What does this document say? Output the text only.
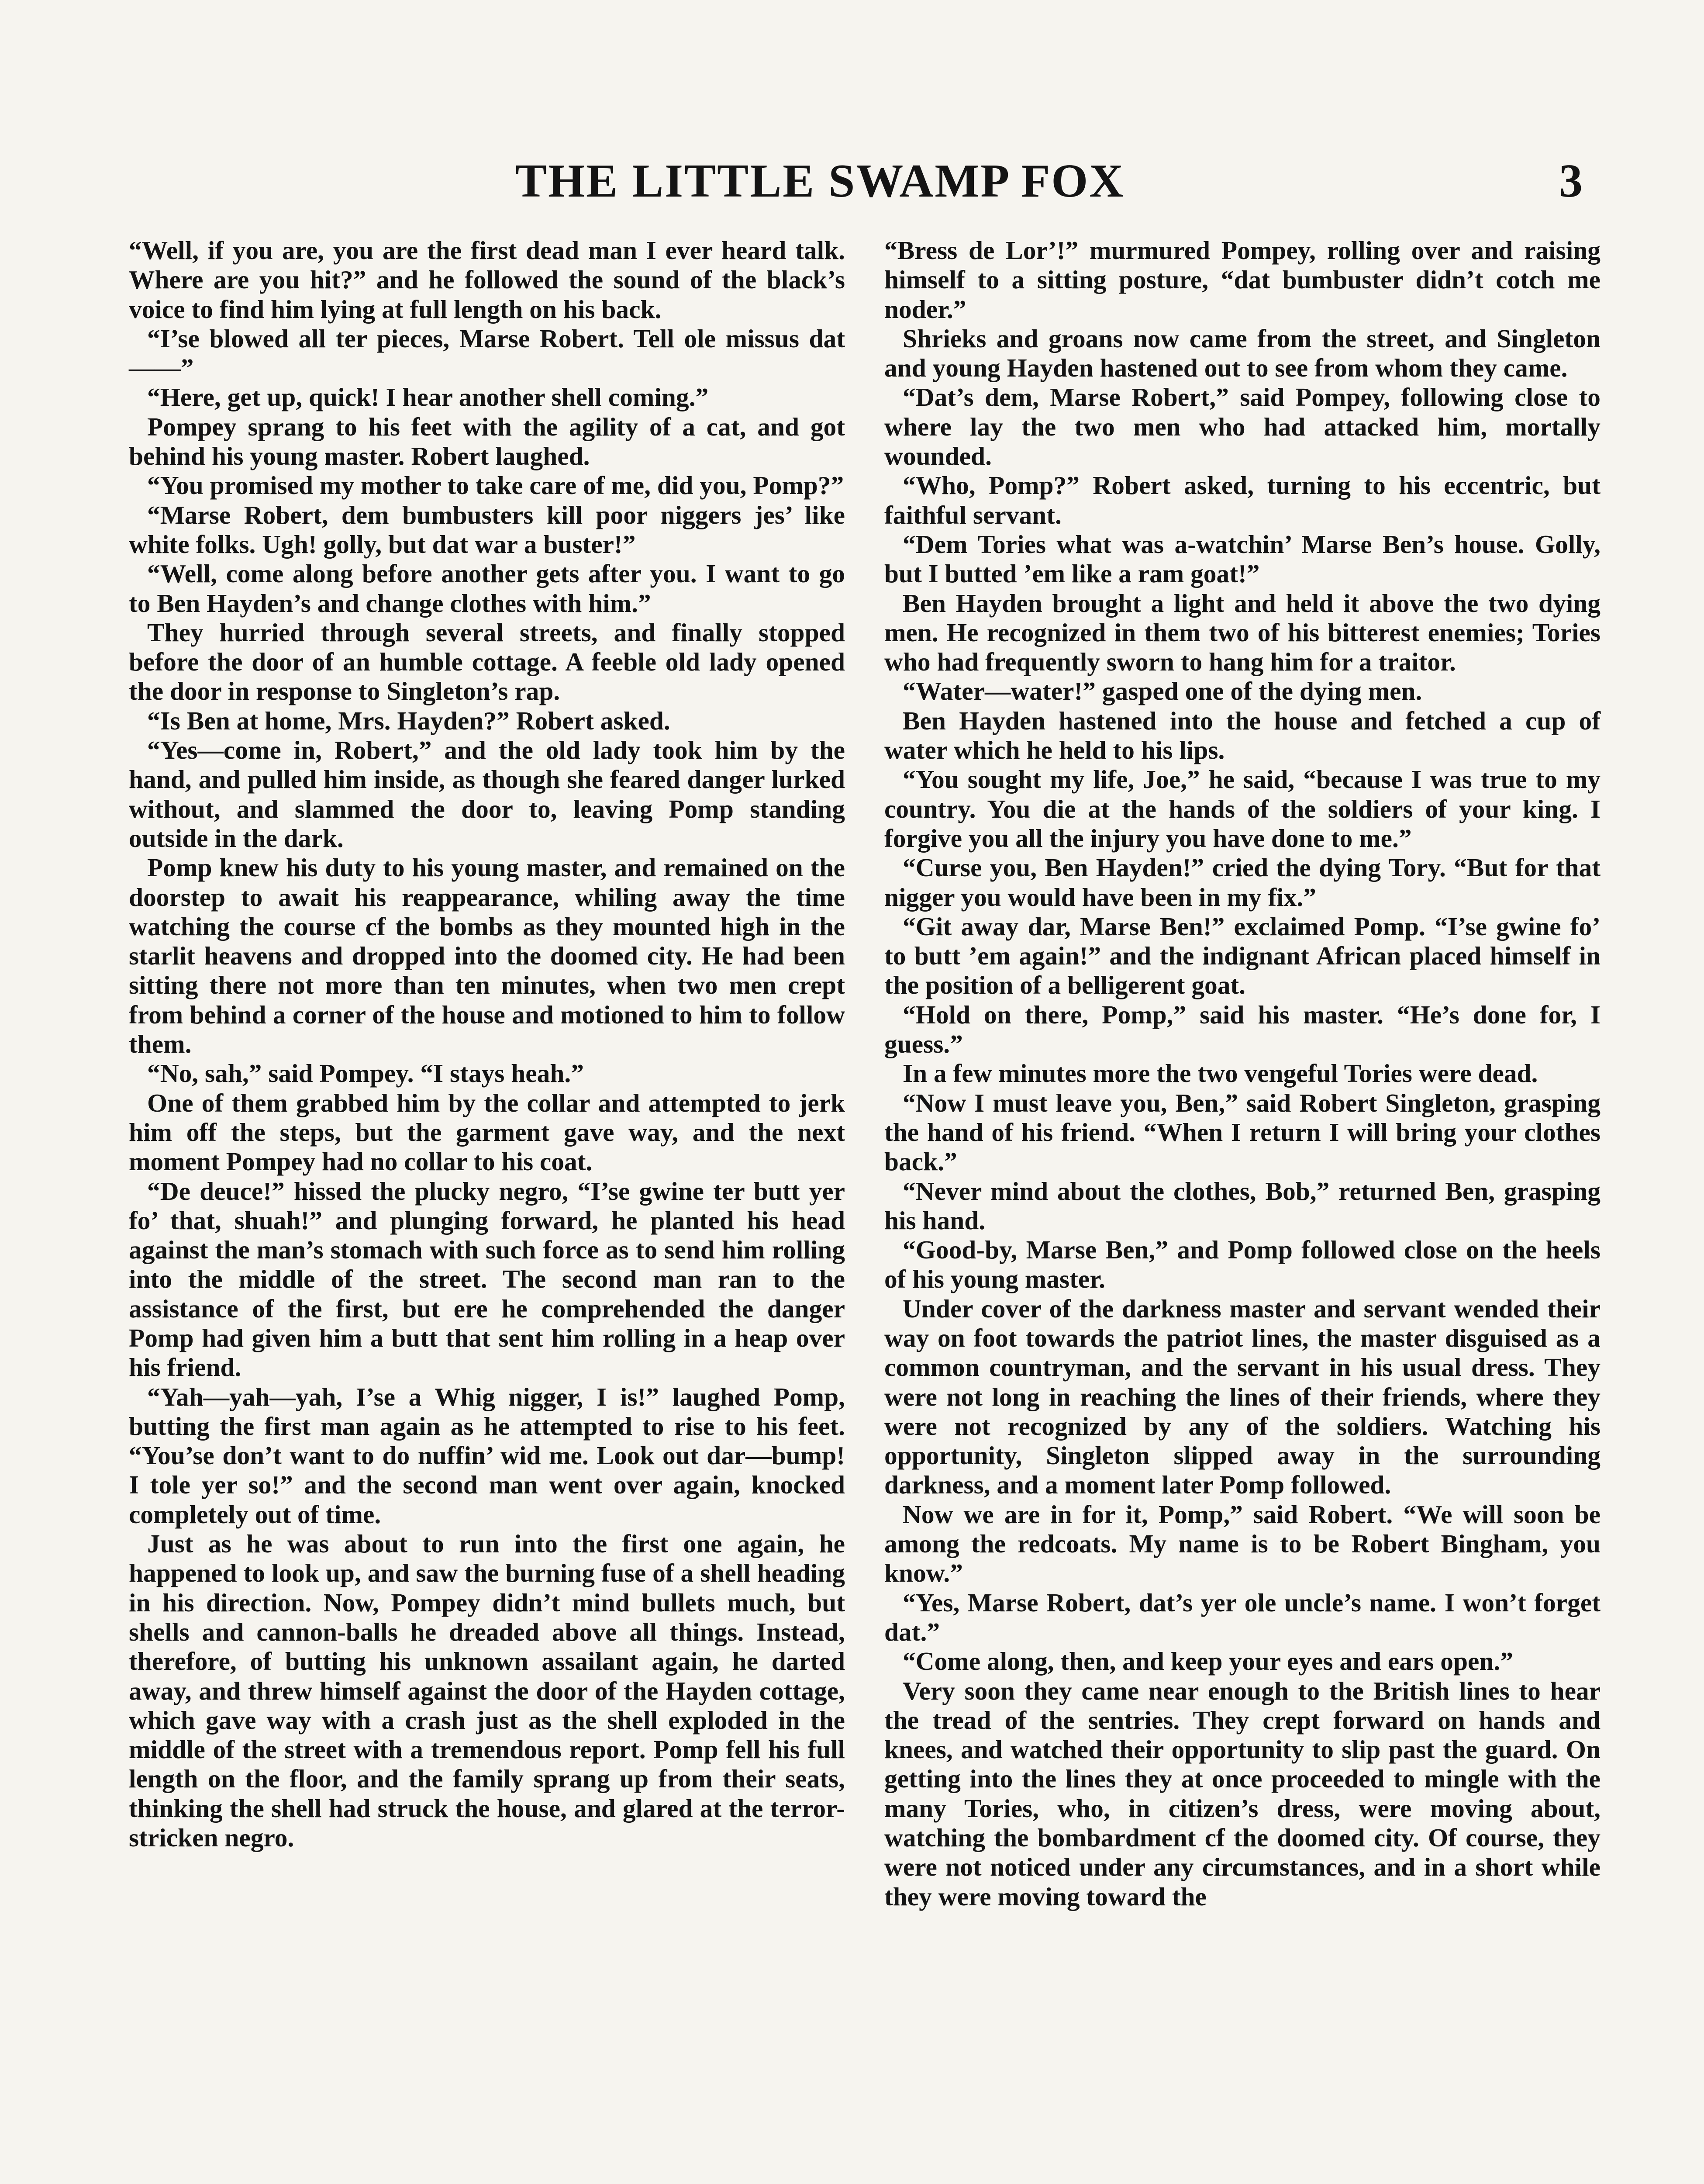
THE LITTLE SWAMP FOX	3

“Well, if you are, you are the first dead man I ever heard talk. Where are you hit?” and he followed the sound of the black’s voice to find him lying at full length on his back.

“I’se blowed all ter pieces, Marse Robert. Tell ole missus dat——”

“Here, get up, quick! I hear another shell coming.”

Pompey sprang to his feet with the agility of a cat, and got behind his young master. Robert laughed.

“You promised my mother to take care of me, did you, Pomp?”

“Marse Robert, dem bumbusters kill poor niggers jes’ like white folks. Ugh! golly, but dat war a buster!”

“Well, come along before another gets after you. I want to go to Ben Hayden’s and change clothes with him.”

They hurried through several streets, and finally stopped before the door of an humble cottage. A feeble old lady opened the door in response to Singleton’s rap.

“Is Ben at home, Mrs. Hayden?” Robert asked.

“Yes—come in, Robert,” and the old lady took him by the hand, and pulled him inside, as though she feared danger lurked without, and slammed the door to, leaving Pomp standing outside in the dark.

Pomp knew his duty to his young master, and remained on the doorstep to await his reappearance, whiling away the time watching the course cf the bombs as they mounted high in the starlit heavens and dropped into the doomed city. He had been sitting there not more than ten minutes, when two men crept from behind a corner of the house and motioned to him to follow them.

“No, sah,” said Pompey. “I stays heah.”

One of them grabbed him by the collar and attempted to jerk him off the steps, but the garment gave way, and the next moment Pompey had no collar to his coat.

“De deuce!” hissed the plucky negro, “I’se gwine ter butt yer fo’ that, shuah!” and plunging forward, he planted his head against the man’s stomach with such force as to send him rolling into the middle of the street. The second man ran to the assistance of the first, but ere he comprehended the danger Pomp had given him a butt that sent him rolling in a heap over his friend.

“Yah—yah—yah, I’se a Whig nigger, I is!” laughed Pomp, butting the first man again as he attempted to rise to his feet. “You’se don’t want to do nuffin’ wid me. Look out dar—bump! I tole yer so!” and the second man went over again, knocked completely out of time.

Just as he was about to run into the first one again, he happened to look up, and saw the burning fuse of a shell heading in his direction. Now, Pompey didn’t mind bullets much, but shells and cannon-balls he dreaded above all things. Instead, therefore, of butting his unknown assailant again, he darted away, and threw himself against the door of the Hayden cottage, which gave way with a crash just as the shell exploded in the middle of the street with a tremendous report. Pomp fell his full length on the floor, and the family sprang up from their seats, thinking the shell had struck the house, and glared at the terror-stricken negro.

“Bress de Lor’!” murmured Pompey, rolling over and raising himself to a sitting posture, “dat bumbuster didn’t cotch me noder.”

Shrieks and groans now came from the street, and Singleton and young Hayden hastened out to see from whom they came.

“Dat’s dem, Marse Robert,” said Pompey, following close to where lay the two men who had attacked him, mortally wounded.

“Who, Pomp?” Robert asked, turning to his eccentric, but faithful servant.

“Dem Tories what was a-watchin’ Marse Ben’s house. Golly, but I butted ’em like a ram goat!”

Ben Hayden brought a light and held it above the two dying men. He recognized in them two of his bitterest enemies; Tories who had frequently sworn to hang him for a traitor.

“Water—water!” gasped one of the dying men.

Ben Hayden hastened into the house and fetched a cup of water which he held to his lips.

“You sought my life, Joe,” he said, “because I was true to my country. You die at the hands of the soldiers of your king. I forgive you all the injury you have done to me.”

“Curse you, Ben Hayden!” cried the dying Tory. “But for that nigger you would have been in my fix.”

“Git away dar, Marse Ben!” exclaimed Pomp. “I’se gwine fo’ to butt ’em again!” and the indignant African placed himself in the position of a belligerent goat.

“Hold on there, Pomp,” said his master. “He’s done for, I guess.”

In a few minutes more the two vengeful Tories were dead.

“Now I must leave you, Ben,” said Robert Singleton, grasping the hand of his friend. “When I return I will bring your clothes back.”

“Never mind about the clothes, Bob,” returned Ben, grasping his hand.

“Good-by, Marse Ben,” and Pomp followed close on the heels of his young master.

Under cover of the darkness master and servant wended their way on foot towards the patriot lines, the master disguised as a common countryman, and the servant in his usual dress. They were not long in reaching the lines of their friends, where they were not recognized by any of the soldiers. Watching his opportunity, Singleton slipped away in the surrounding darkness, and a moment later Pomp followed.

Now we are in for it, Pomp,” said Robert. “We will soon be among the redcoats. My name is to be Robert Bingham, you know.”

“Yes, Marse Robert, dat’s yer ole uncle’s name. I won’t forget dat.”

“Come along, then, and keep your eyes and ears open.”

Very soon they came near enough to the British lines to hear the tread of the sentries. They crept forward on hands and knees, and watched their opportunity to slip past the guard. On getting into the lines they at once proceeded to mingle with the many Tories, who, in citizen’s dress, were moving about, watching the bombardment cf the doomed city. Of course, they were not noticed under any circumstances, and in a short while they were moving toward the
